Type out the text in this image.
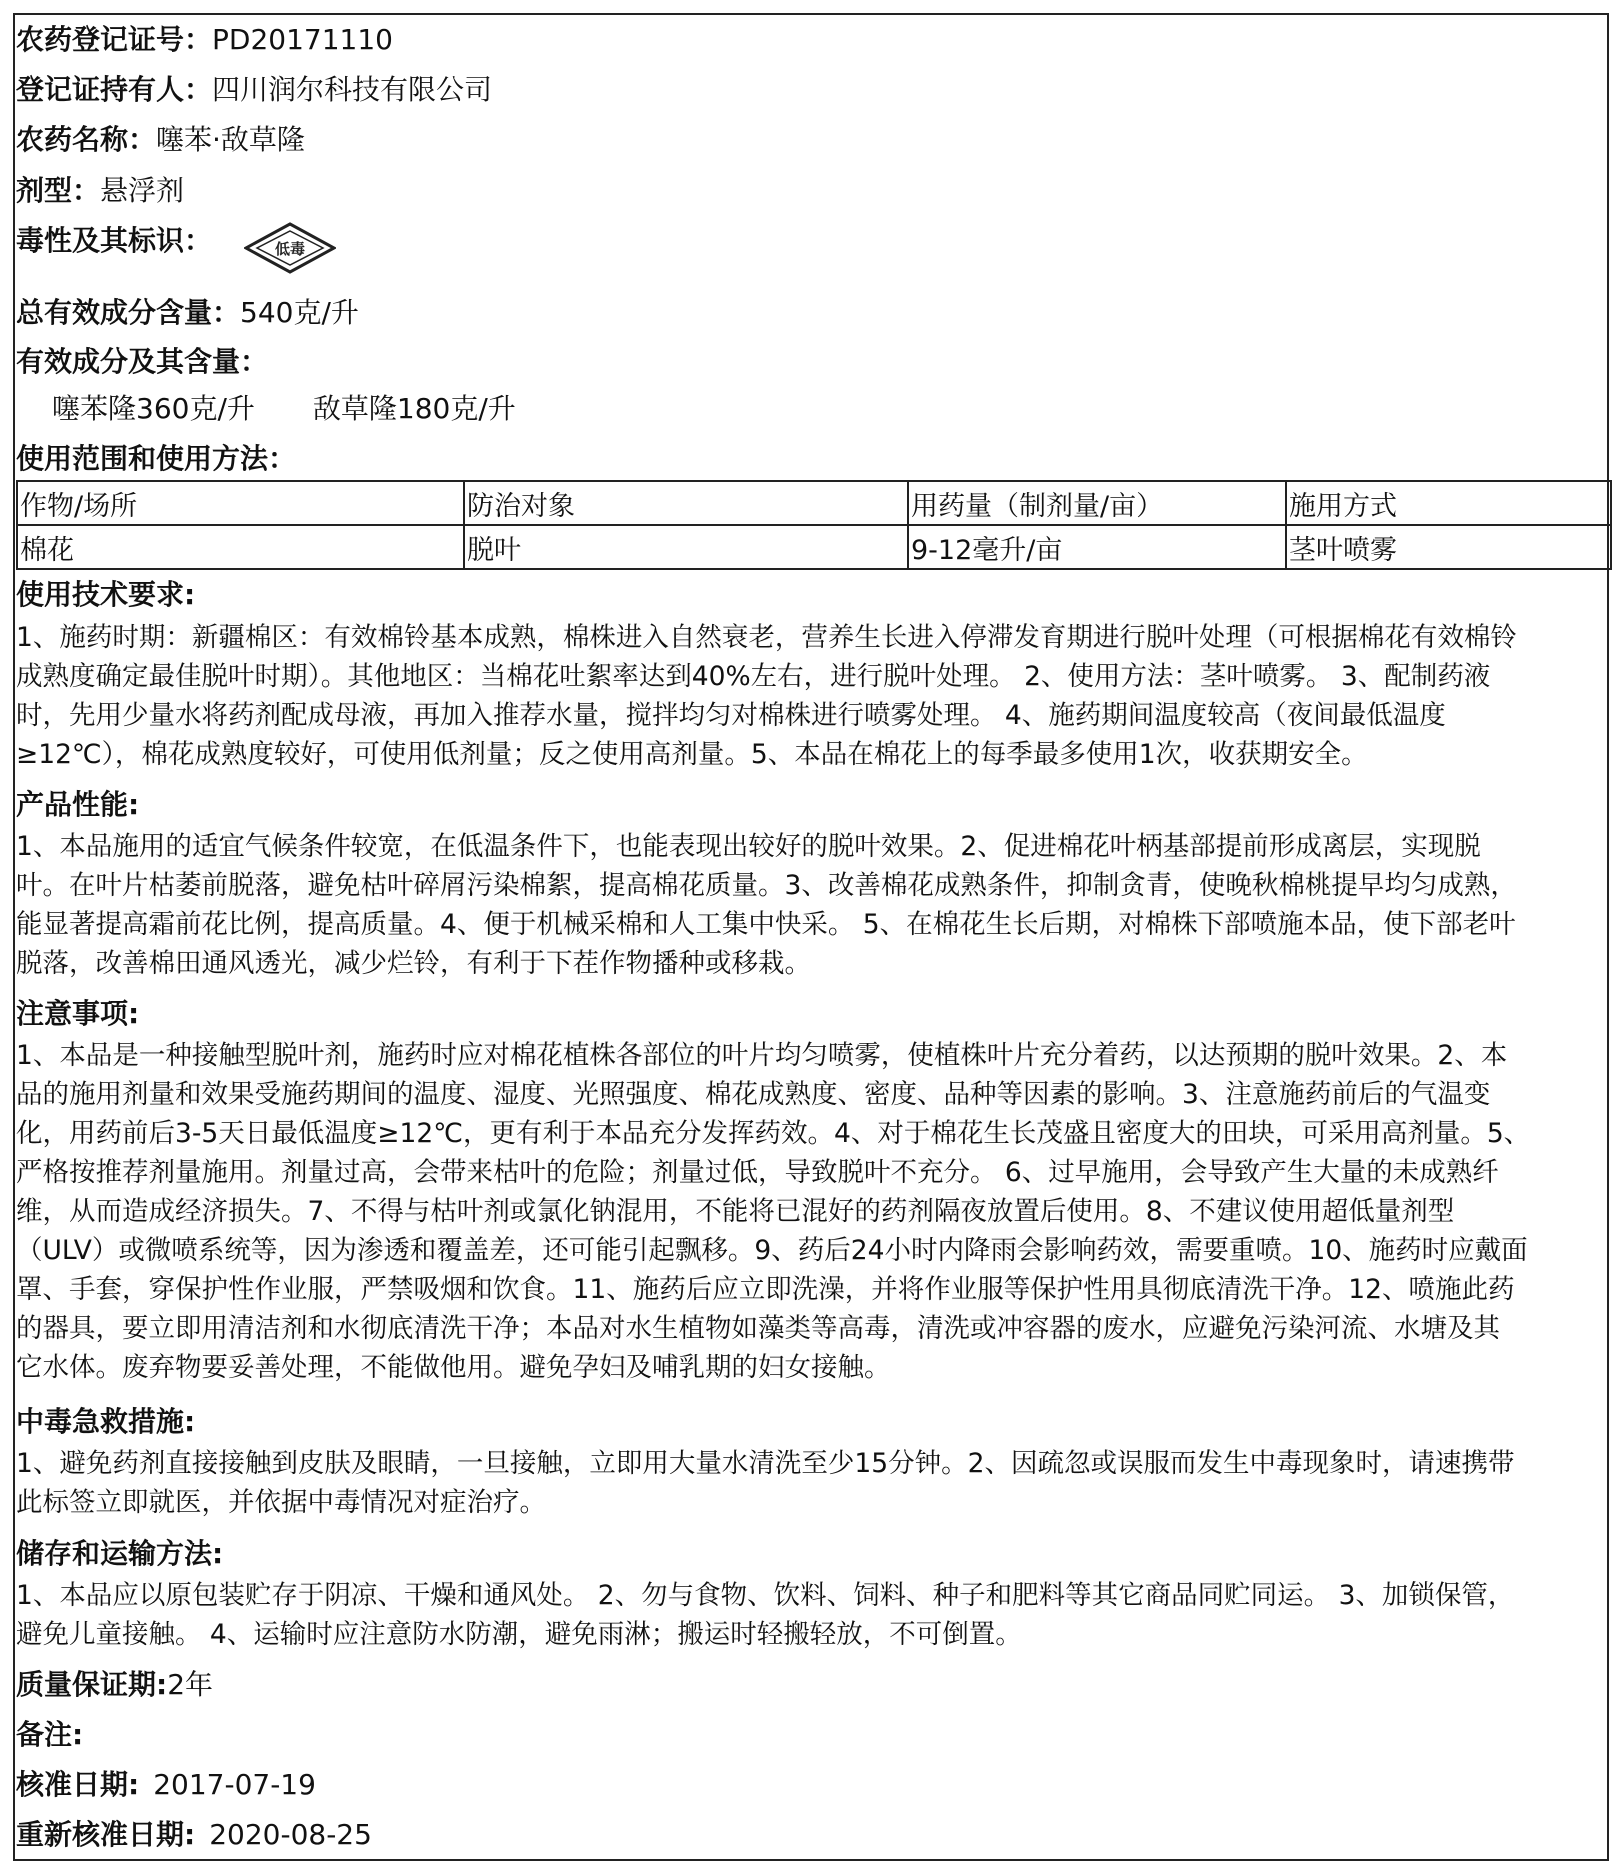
农药登记证号：PD20171110
登记证持有人：四川润尔科技有限公司
农药名称：噻苯·敌草隆
剂型：悬浮剂
毒性及其标识：	低毒
总有效成分含量：540克/升
有效成分及其含量：
噻苯隆360克/升 敌草隆180克/升
使用范围和使用方法：
作物/场所	防治对象	用药量（制剂量/亩）	施用方式
棉花	脱叶	9-12毫升/亩	茎叶喷雾
使用技术要求:

1、施药时期：新疆棉区：有效棉铃基本成熟，棉株进入自然衰老，营养生长进入停滞发育期进行脱叶处理（可根据棉花有效棉铃

成熟度确定最佳脱叶时期）。其他地区：当棉花吐絮率达到40%左右，进行脱叶处理。 2、使用方法：茎叶喷雾。 3、配制药液

时，先用少量水将药剂配成母液，再加入推荐水量，搅拌均匀对棉株进行喷雾处理。 4、施药期间温度较高（夜间最低温度

≥12℃），棉花成熟度较好，可使用低剂量；反之使用高剂量。5、本品在棉花上的每季最多使用1次，收获期安全。

产品性能:

1、本品施用的适宜气候条件较宽，在低温条件下，也能表现出较好的脱叶效果。2、促进棉花叶柄基部提前形成离层，实现脱

叶。在叶片枯萎前脱落，避免枯叶碎屑污染棉絮，提高棉花质量。3、改善棉花成熟条件，抑制贪青，使晚秋棉桃提早均匀成熟，

能显著提高霜前花比例，提高质量。4、便于机械采棉和人工集中快采。 5、在棉花生长后期，对棉株下部喷施本品，使下部老叶

脱落，改善棉田通风透光，减少烂铃，有利于下茬作物播种或移栽。

注意事项:

1、本品是一种接触型脱叶剂，施药时应对棉花植株各部位的叶片均匀喷雾，使植株叶片充分着药，以达预期的脱叶效果。2、本

品的施用剂量和效果受施药期间的温度、湿度、光照强度、棉花成熟度、密度、品种等因素的影响。3、注意施药前后的气温变

化，用药前后3-5天日最低温度≥12℃，更有利于本品充分发挥药效。4、对于棉花生长茂盛且密度大的田块，可采用高剂量。5、

严格按推荐剂量施用。剂量过高，会带来枯叶的危险；剂量过低，导致脱叶不充分。 6、过早施用，会导致产生大量的未成熟纤

维，从而造成经济损失。7、不得与枯叶剂或氯化钠混用，不能将已混好的药剂隔夜放置后使用。8、不建议使用超低量剂型

（ULV）或微喷系统等，因为渗透和覆盖差，还可能引起飘移。9、药后24小时内降雨会影响药效，需要重喷。10、施药时应戴面

罩、手套，穿保护性作业服，严禁吸烟和饮食。11、施药后应立即洗澡，并将作业服等保护性用具彻底清洗干净。12、喷施此药

的器具，要立即用清洁剂和水彻底清洗干净；本品对水生植物如藻类等高毒，清洗或冲容器的废水，应避免污染河流、水塘及其

它水体。废弃物要妥善处理，不能做他用。避免孕妇及哺乳期的妇女接触。

中毒急救措施:

1、避免药剂直接接触到皮肤及眼睛，一旦接触，立即用大量水清洗至少15分钟。2、因疏忽或误服而发生中毒现象时，请速携带

此标签立即就医，并依据中毒情况对症治疗。

储存和运输方法:

1、本品应以原包装贮存于阴凉、干燥和通风处。 2、勿与食物、饮料、饲料、种子和肥料等其它商品同贮同运。 3、加锁保管，

避免儿童接触。 4、运输时应注意防水防潮，避免雨淋；搬运时轻搬轻放，不可倒置。

质量保证期:2年
备注:
核准日期: 2017-07-19
重新核准日期: 2020-08-25
